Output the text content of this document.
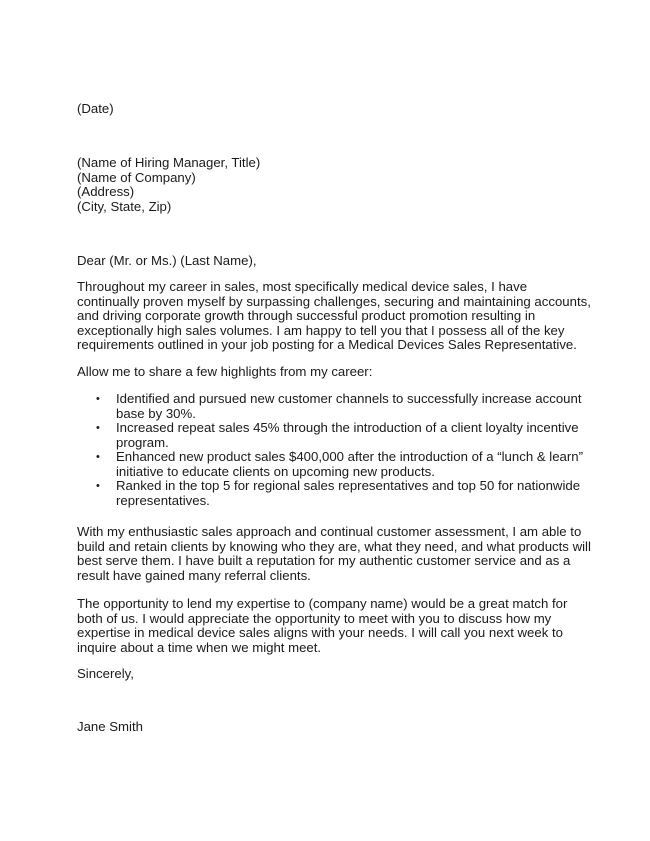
(Date)
(Name of Hiring Manager, Title)
(Name of Company)
(Address)
(City, State, Zip)
Dear (Mr. or Ms.) (Last Name),
Throughout my career in sales, most specifically medical device sales, I have
continually proven myself by surpassing challenges, securing and maintaining accounts,
and driving corporate growth through successful product promotion resulting in
exceptionally high sales volumes. I am happy to tell you that I possess all of the key
requirements outlined in your job posting for a Medical Devices Sales Representative.
Allow me to share a few highlights from my career:
•	Identified and pursued new customer channels to successfully increase account
base by 30%.
•	Increased repeat sales 45% through the introduction of a client loyalty incentive
program.
•	Enhanced new product sales $400,000 after the introduction of a “lunch & learn”
initiative to educate clients on upcoming new products.
•	Ranked in the top 5 for regional sales representatives and top 50 for nationwide
representatives.
With my enthusiastic sales approach and continual customer assessment, I am able to
build and retain clients by knowing who they are, what they need, and what products will
best serve them. I have built a reputation for my authentic customer service and as a
result have gained many referral clients.
The opportunity to lend my expertise to (company name) would be a great match for
both of us. I would appreciate the opportunity to meet with you to discuss how my
expertise in medical device sales aligns with your needs. I will call you next week to
inquire about a time when we might meet.
Sincerely,
Jane Smith
